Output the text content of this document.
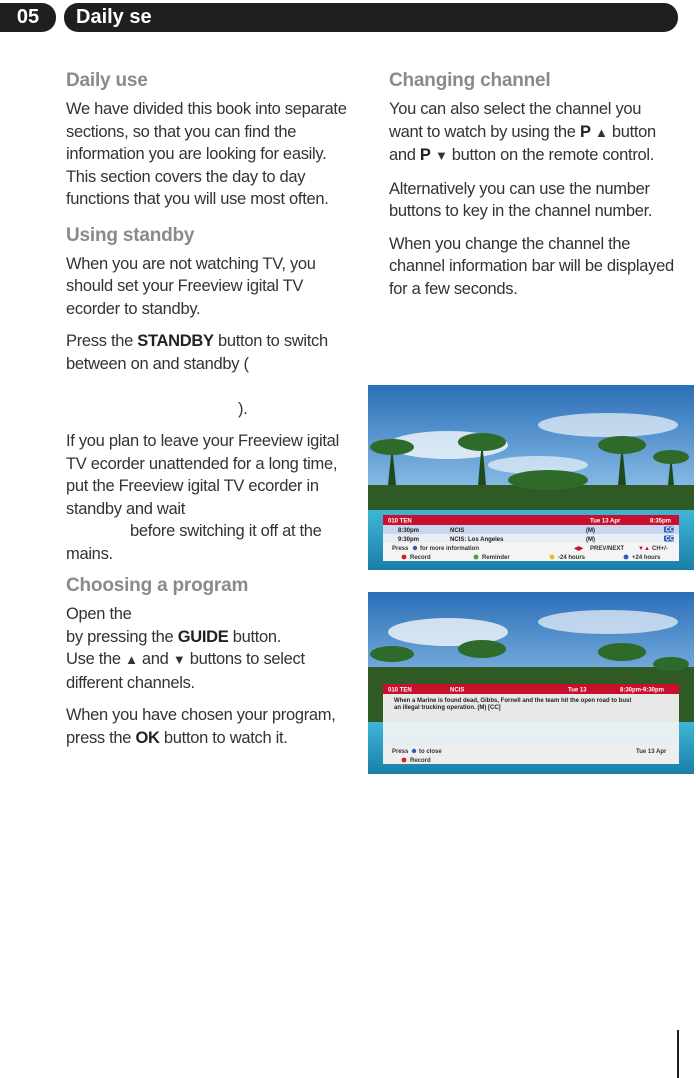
05	Daily se
Daily use

We have divided this book into separate sections, so that you can find the information you are looking for easily. This section covers the day to day functions that you will use most often.

Using standby

When you are not watching TV, you should set your Freeview igital TV ecorder to standby.

Press the STANDBY button to switch between on and standby (

).

If you plan to leave your Freeview igital TV ecorder unattended for a long time, put the Freeview igital TV ecorder in standby and wait
before switching it off at the mains.

Choosing a program

Open the
by pressing the GUIDE button.
Use the ▲ and ▼ buttons to select different channels.

When you have chosen your program, press the OK button to watch it.

Changing channel

You can also select the channel you want to watch by using the P ▲ button and P ▼ button on the remote control.

Alternatively you can use the number buttons to key in the channel number.

When you change the channel the channel information bar will be displayed for a few seconds.

010 TEN	Tue 13 Apr	8:35pm
8:30pm	NCIS	(M)	CC
9:30pm	NCIS: Los Angeles	(M)	CC
Press for more information	◀▶ PREV/NEXT ▼▲ CH+/-
Record	Reminder	-24 hours	+24 hours
010 TEN	NCIS	Tue 13	8:30pm-9:30pm
When a Marine is found dead, Gibbs, Fornell and the team hit the open road to bust
an illegal trucking operation. (M) [CC]
Press to close	Tue 13 Apr
Record
